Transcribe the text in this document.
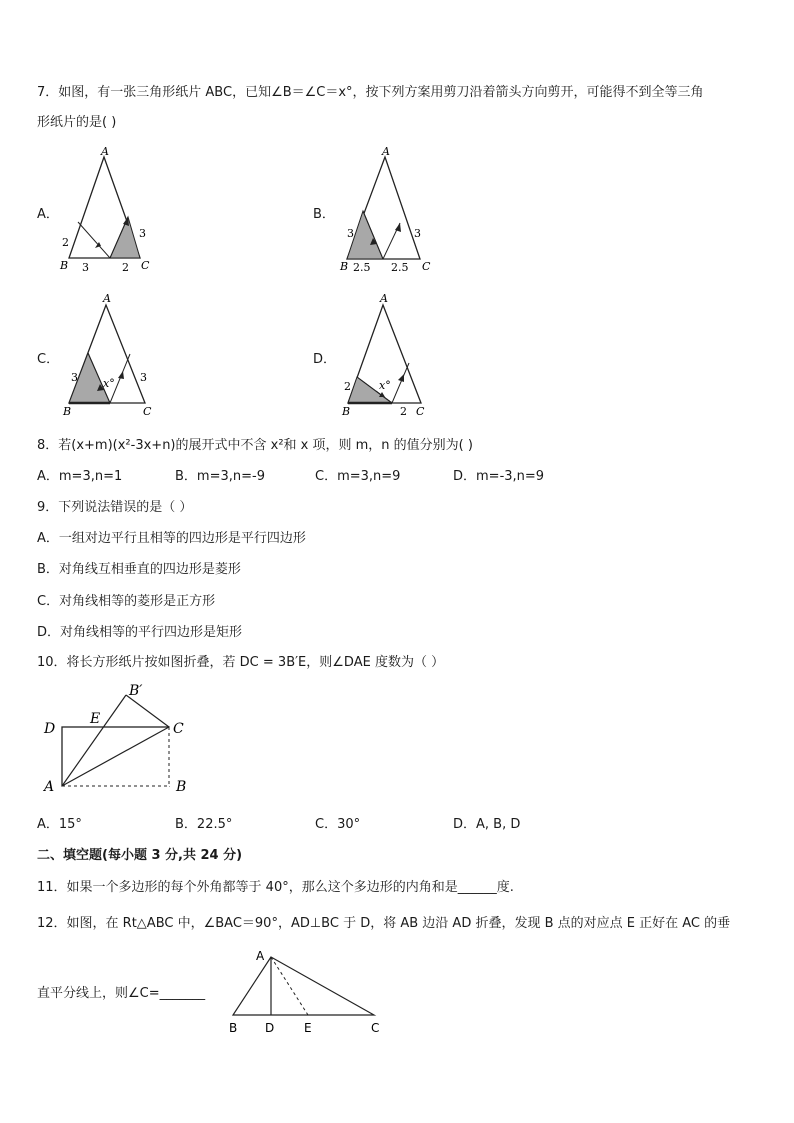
7．如图，有一张三角形纸片 ABC，已知∠B＝∠C＝x°，按下列方案用剪刀沿着箭头方向剪开，可能得不到全等三角
形纸片的是( )
A．
A
B	C
2
3	2
3
B．
A
B	C
3
2.5 2.5
3
C．
A
B	C
3 x° 3
D．
A
B	C
2	x°
2
8．若(x+m)(x²-3x+n)的展开式中不含 x²和 x 项，则 m，n 的值分别为( )
A．m=3,n=1	B．m=3,n=-9	C．m=3,n=9	D．m=-3,n=9
9．下列说法错误的是（ ）
A．一组对边平行且相等的四边形是平行四边形
B．对角线互相垂直的四边形是菱形
C．对角线相等的菱形是正方形
D．对角线相等的平行四边形是矩形
10．将长方形纸片按如图折叠，若 DC = 3B′E，则∠DAE 度数为（ ）
D
E
B′
C
A	B
A．15°	B．22.5°	C．30°	D．A, B, D
二、填空题(每小题 3 分,共 24 分)
11．如果一个多边形的每个外角都等于 40°，那么这个多边形的内角和是______度.
12．如图，在 Rt△ABC 中，∠BAC＝90°，AD⊥BC 于 D，将 AB 边沿 AD 折叠，发现 B 点的对应点 E 正好在 AC 的垂
直平分线上，则∠C=_______
A
B D E	C
